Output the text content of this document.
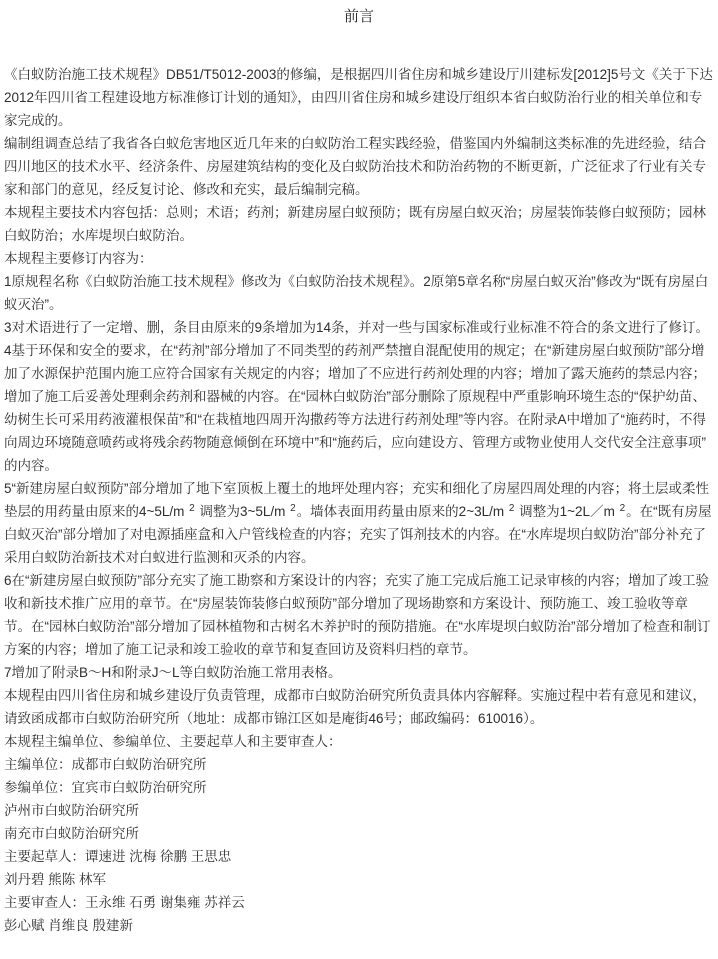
前言

《白蚁防治施工技术规程》DB51/T5012-2003的修编，是根据四川省住房和城乡建设厅川建标发[2012]5号文《关于下达2012年四川省工程建设地方标准修订计划的通知》，由四川省住房和城乡建设厅组织本省白蚁防治行业的相关单位和专家完成的。

编制组调查总结了我省各白蚁危害地区近几年来的白蚁防治工程实践经验，借鉴国内外编制这类标准的先进经验，结合四川地区的技术水平、经济条件、房屋建筑结构的变化及白蚁防治技术和防治药物的不断更新，广泛征求了行业有关专家和部门的意见，经反复讨论、修改和充实，最后编制完稿。

本规程主要技术内容包括：总则；术语；药剂；新建房屋白蚁预防；既有房屋白蚁灭治；房屋装饰装修白蚁预防；园林白蚁防治；水库堤坝白蚁防治。

本规程主要修订内容为：

1原规程名称《白蚁防治施工技术规程》修改为《白蚁防治技术规程》。2原第5章名称“房屋白蚁灭治”修改为“既有房屋白蚁灭治”。

3对术语进行了一定增、删，条目由原来的9条增加为14条，并对一些与国家标准或行业标准不符合的条文进行了修订。

4基于环保和安全的要求，在“药剂”部分增加了不同类型的药剂严禁擅自混配使用的规定；在“新建房屋白蚁预防”部分增加了水源保护范围内施工应符合国家有关规定的内容；增加了不应进行药剂处理的内容；增加了露天施药的禁忌内容；增加了施工后妥善处理剩余药剂和器械的内容。在“园林白蚁防治”部分删除了原规程中严重影响环境生态的“保护幼苗、幼树生长可采用药液灌根保苗”和“在栽植地四周开沟撒药等方法进行药剂处理”等内容。在附录A中增加了“施药时，不得向周边环境随意喷药或将残余药物随意倾倒在环境中”和“施药后，应向建设方、管理方或物业使用人交代安全注意事项”的内容。

5“新建房屋白蚁预防”部分增加了地下室顶板上覆土的地坪处理内容；充实和细化了房屋四周处理的内容；将土层或柔性垫层的用药量由原来的4~5L/m $^2$ 调整为3~5L/m $^2$。墙体表面用药量由原来的2~3L/m $^2$ 调整为1~2L／m $^2$。在“既有房屋白蚁灭治”部分增加了对电源插座盒和入户管线检查的内容；充实了饵剂技术的内容。在“水库堤坝白蚁防治”部分补充了采用白蚁防治新技术对白蚁进行监测和灭杀的内容。

6在“新建房屋白蚁预防”部分充实了施工勘察和方案设计的内容；充实了施工完成后施工记录审核的内容；增加了竣工验收和新技术推广应用的章节。在“房屋装饰装修白蚁预防”部分增加了现场勘察和方案设计、预防施工、竣工验收等章节。在“园林白蚁防治”部分增加了园林植物和古树名木养护时的预防措施。在“水库堤坝白蚁防治”部分增加了检查和制订方案的内容；增加了施工记录和竣工验收的章节和复查回访及资料归档的章节。

7增加了附录B～H和附录J～L等白蚁防治施工常用表格。

本规程由四川省住房和城乡建设厅负责管理，成都市白蚁防治研究所负责具体内容解释。实施过程中若有意见和建议，请致函成都市白蚁防治研究所（地址：成都市锦江区如是庵街46号；邮政编码：610016）。

本规程主编单位、参编单位、主要起草人和主要审查人：

主编单位：成都市白蚁防治研究所

参编单位：宜宾市白蚁防治研究所

泸州市白蚁防治研究所

南充市白蚁防治研究所

主要起草人：谭速进 沈梅 徐鹏 王思忠

刘丹碧 熊陈 林军

主要审查人：王永维 石勇 谢集雍 苏祥云

彭心赋 肖维良 殷建新
